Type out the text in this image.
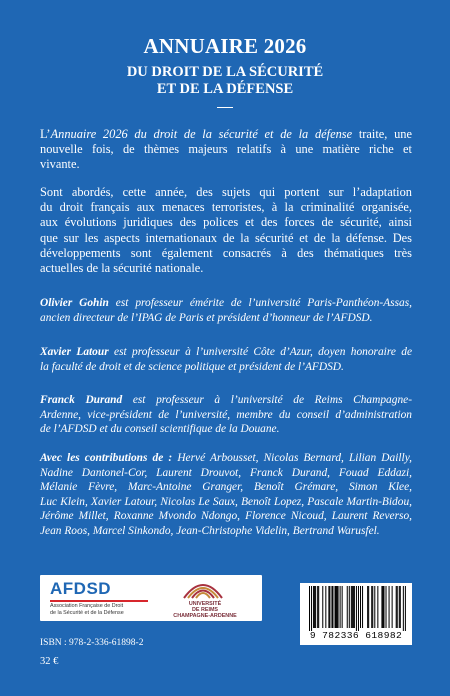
ANNUAIRE 2026
DU DROIT DE LA SÉCURITÉ
ET DE LA DÉFENSE
L’Annuaire 2026 du droit de la sécurité et de la défense traite, une
nouvelle fois, de thèmes majeurs relatifs à une matière riche et
vivante.
Sont abordés, cette année, des sujets qui portent sur l’adaptation
du droit français aux menaces terroristes, à la criminalité organisée,
aux évolutions juridiques des polices et des forces de sécurité, ainsi
que sur les aspects internationaux de la sécurité et de la défense. Des
développements sont également consacrés à des thématiques très
actuelles de la sécurité nationale.
Olivier Gohin est professeur émérite de l’université Paris-Panthéon-Assas,
ancien directeur de l’IPAG de Paris et président d’honneur de l’AFDSD.
Xavier Latour est professeur à l’université Côte d’Azur, doyen honoraire de
la faculté de droit et de science politique et président de l’AFDSD.
Franck Durand est professeur à l’université de Reims Champagne-
Ardenne, vice-président de l’université, membre du conseil d’administration
de l’AFDSD et du conseil scientifique de la Douane.
Avec les contributions de : Hervé Arbousset, Nicolas Bernard, Lilian Dailly,
Nadine Dantonel-Cor, Laurent Drouvot, Franck Durand, Fouad Eddazi,
Mélanie Fèvre, Marc-Antoine Granger, Benoît Grémare, Simon Klee,
Luc Klein, Xavier Latour, Nicolas Le Saux, Benoît Lopez, Pascale Martin-Bidou,
Jérôme Millet, Roxanne Mvondo Ndongo, Florence Nicoud, Laurent Reverso,
Jean Roos, Marcel Sinkondo, Jean-Christophe Videlin, Bertrand Warusfel.
AFDSD
Association Française de Droit
de la Sécurité et de la Défense
UNIVERSITÉ
DE REIMS
CHAMPAGNE-ARDENNE
ISBN : 978-2-336-61898-2
32 €
9 782336 618982
